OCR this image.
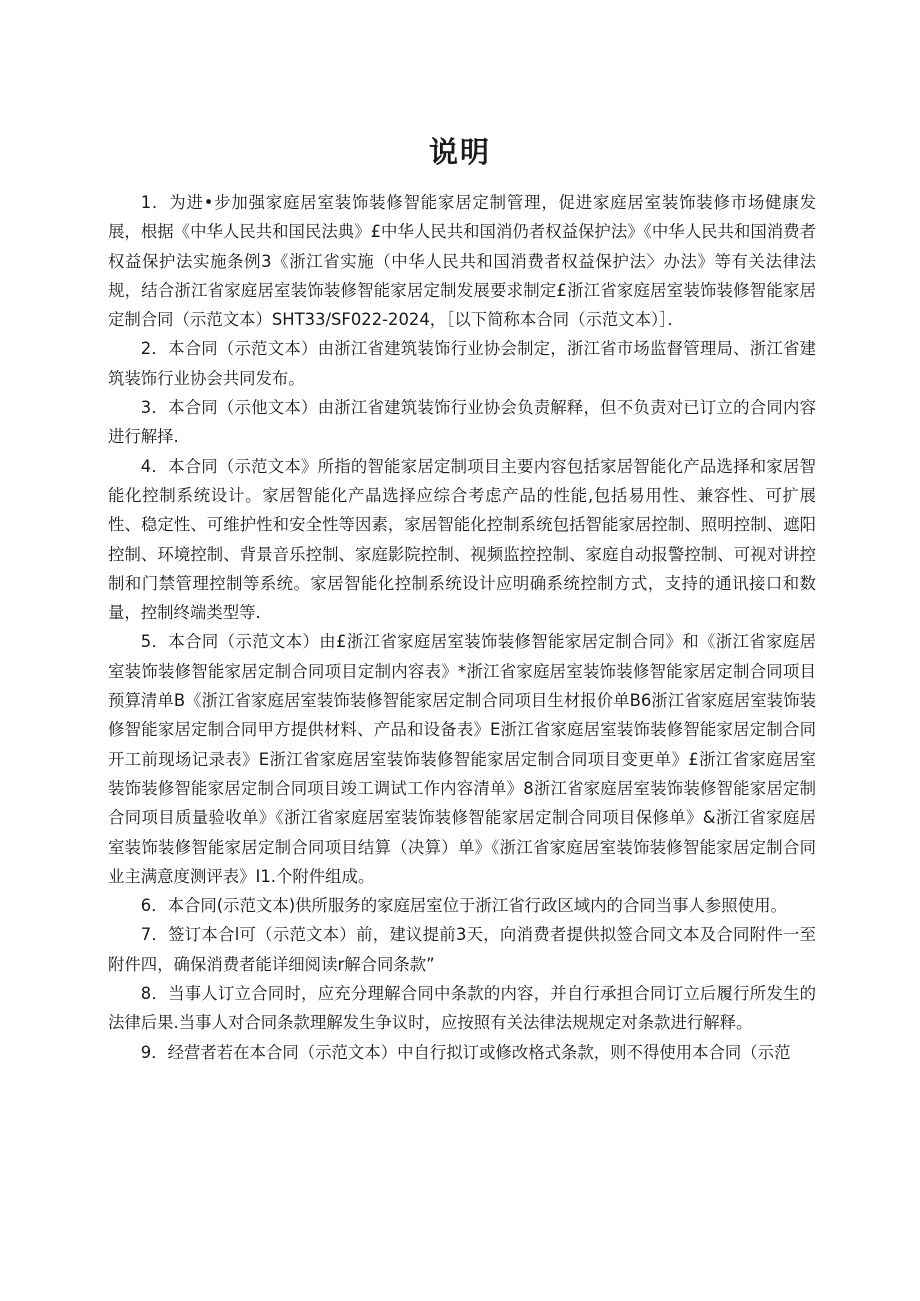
说明

1．为进•步加强家庭居室装饰装修智能家居定制管理，促进家庭居室装饰装修市场健康发展，根据《中华人民共和国民法典》£中华人民共和国消仍者权益保护法》《中华人民共和国消费者权益保护法实施条例3《浙江省实施（中华人民共和国消费者权益保护法〉办法》等有关法律法规，结合浙江省家庭居室装饰装修智能家居定制发展要求制定£浙江省家庭居室装饰装修智能家居定制合同（示范文本）SHT33/SF022-2024，［以下简称本合同（示范文本）］．

2．本合同（示范文本）由浙江省建筑装饰行业协会制定，浙江省市场监督管理局、浙江省建筑装饰行业协会共同发布。

3．本合同（示他文本）由浙江省建筑装饰行业协会负责解释，但不负责对已订立的合同内容进行解择.

4．本合同（示范文本》所指的智能家居定制项目主要内容包括家居智能化产品选择和家居智能化控制系统设计。家居智能化产晶选择应综合考虑产品的性能,包括易用性、兼容性、可扩展性、稳定性、可维护性和安全性等因素，家居智能化控制系统包括智能家居控制、照明控制、遮阳控制、环境控制、背景音乐控制、家庭影院控制、视频监控控制、家庭自动报警控制、可视对讲控制和门禁管理控制等系统。家居智能化控制系统设计应明确系统控制方式，支持的通讯接口和数量，控制终端类型等.

5．本合同（示范文本）由£浙江省家庭居室装饰装修智能家居定制合同》和《浙江省家庭居室装饰装修智能家居定制合同项目定制内容表》*浙江省家庭居室装饰装修智能家居定制合同项目预算清单B《浙江省家庭居室装饰装修智能家居定制合同项目生材报价单B6浙江省家庭居室装饰装修智能家居定制合同甲方提供材料、产品和设备表》E浙江省家庭居室装饰装修智能家居定制合同开工前现场记录表》E浙江省家庭居室装饰装修智能家居定制合同项目变更单》£浙江省家庭居室装饰装修智能家居定制合同项目竣工调试工作内容清单》8浙江省家庭居室装饰装修智能家居定制合同项目质量验收单》《浙江省家庭居室装饰装修智能家居定制合同项目保修单》&浙江省家庭居室装饰装修智能家居定制合同项目结算（决算）单》《浙江省家庭居室装饰装修智能家居定制合同业主满意度测评表》I1.个附件组成。

6．本合同(示范文本)供所服务的家庭居室位于浙江省行政区域内的合同当事人参照使用。

7．签订本合l可（示范文本）前，建议提前3天，向消费者提供拟签合同文本及合同附件一至附件四，确保消费者能详细阅读r解合同条款”

8．当事人订立合同时，应充分理解合同中条款的内容，并自行承担合同订立后履行所发生的法律后果.当事人对合同条款理解发生争议时，应按照有关法律法规规定对条款进行解释。

9．经营者若在本合同（示范文本）中自行拟订或修改格式条款，则不得使用本合同（示范
